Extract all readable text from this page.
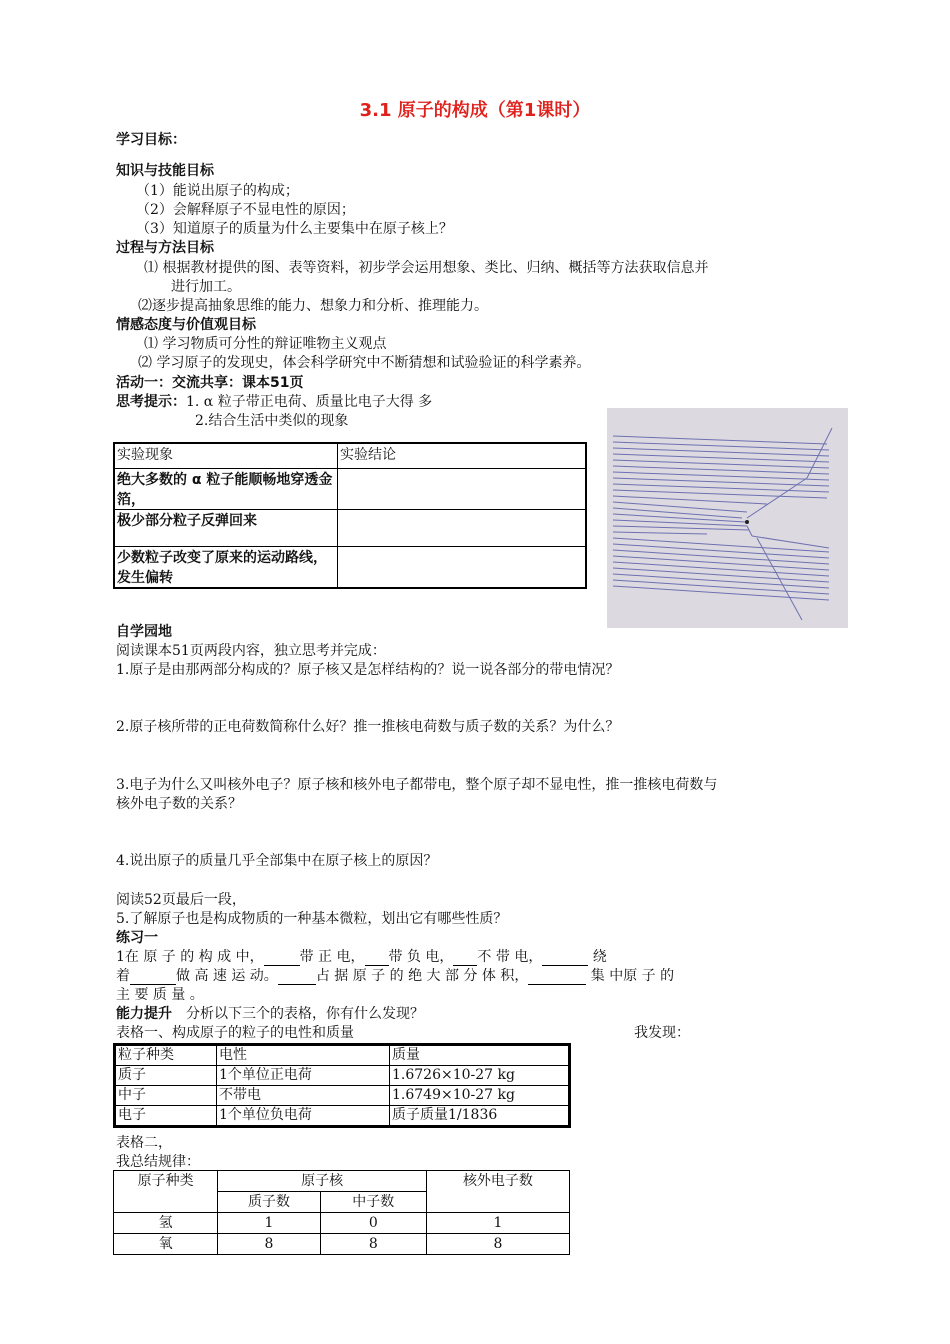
3.1 原子的构成（第1课时）
学习目标：
知识与技能目标
（1）能说出原子的构成；
（2）会解释原子不显电性的原因；
（3）知道原子的质量为什么主要集中在原子核上？
过程与方法目标
⑴ 根据教材提供的图、表等资料，初步学会运用想象、类比、归纳、概括等方法获取信息并
进行加工。
⑵逐步提高抽象思维的能力、想象力和分析、推理能力。
情感态度与价值观目标
⑴ 学习物质可分性的辩证唯物主义观点
⑵ 学习原子的发现史，体会科学研究中不断猜想和试验验证的科学素养。
活动一：交流共享：课本51页
思考提示：1. α 粒子带正电荷、质量比电子大得 多
2.结合生活中类似的现象
实验现象	实验结论
绝大多数的 α 粒子能顺畅地穿透金箔，	
极少部分粒子反弹回来	
少数粒子改变了原来的运动路线，发生偏转	
自学园地
阅读课本51页两段内容，独立思考并完成：
1.原子是由那两部分构成的？原子核又是怎样结构的？说一说各部分的带电情况？
2.原子核所带的正电荷数简称什么好？推一推核电荷数与质子数的关系？为什么？
3.电子为什么又叫核外电子？原子核和核外电子都带电，整个原子却不显电性，推一推核电荷数与
核外电子数的关系？
4.说出原子的质量几乎全部集中在原子核上的原因？
阅读52页最后一段，
5.了解原子也是构成物质的一种基本微粒，划出它有哪些性质？
练习一
1在 原 子 的 构 成 中，	带 正 电， 带 负 电， 不 带 电，	绕
着	做 高 速 运 动。	占 据 原 子 的 绝 大 部 分 体 积，	集 中原 子 的
主 要 质 量 。
能力提升 分析以下三个的表格，你有什么发现？
表格一、构成原子的粒子的电性和质量	我发现：
粒子种类	电性	质量
质子	1个单位正电荷	1.6726×10-27 kg
中子	不带电	1.6749×10-27 kg
电子	1个单位负电荷	质子质量1/1836
表格二，
我总结规律：
原子种类	原子核		核外电子数
	质子数	中子数	
氢	1	0	1
氧	8	8	8
